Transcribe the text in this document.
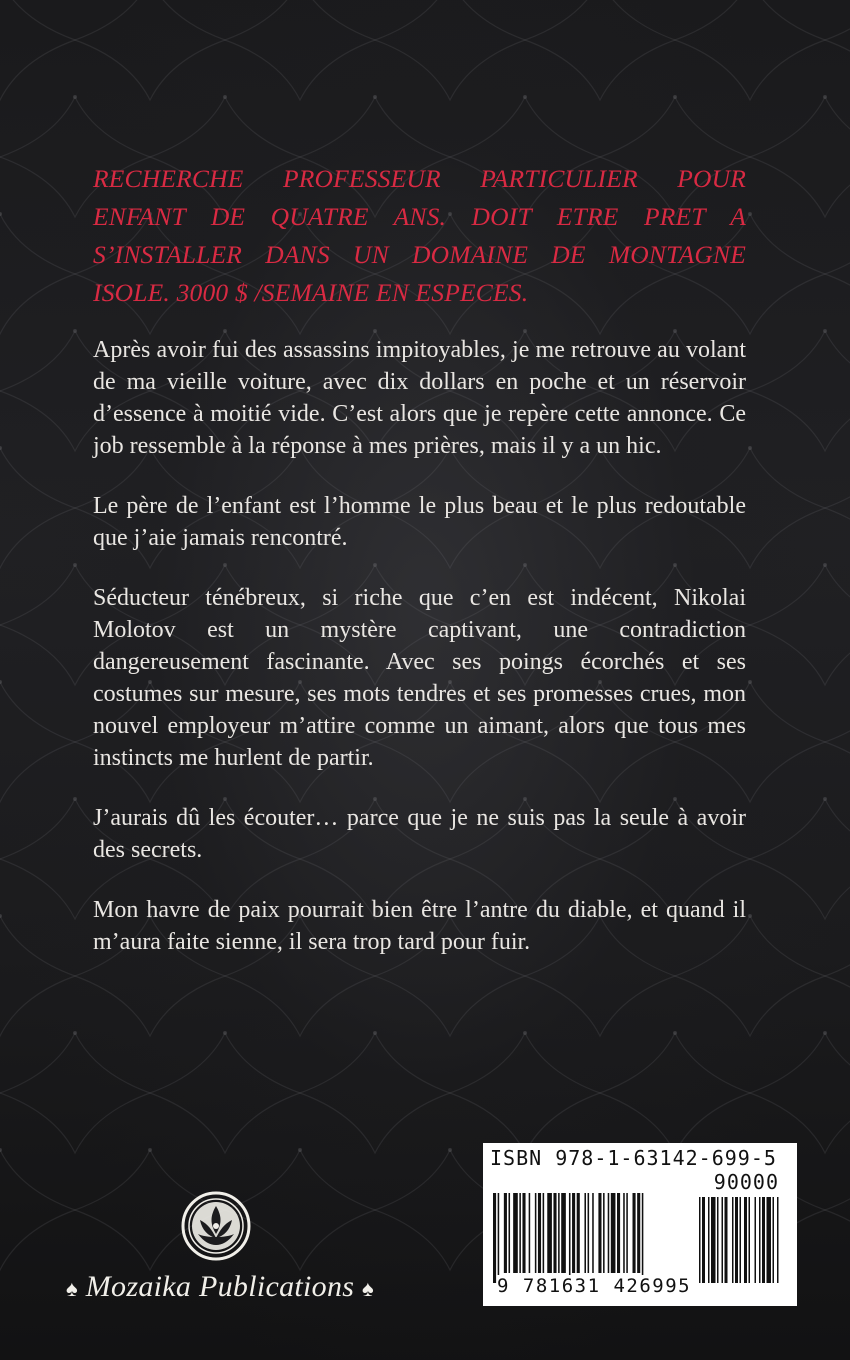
RECHERCHE PROFESSEUR PARTICULIER POUR ENFANT DE QUATRE ANS. DOIT ETRE PRET A S’INSTALLER DANS UN DOMAINE DE MONTAGNE ISOLE. 3000 $ /SEMAINE EN ESPECES.

Après avoir fui des assassins impitoyables, je me retrouve au volant de ma vieille voiture, avec dix dollars en poche et un réservoir d’essence à moitié vide. C’est alors que je repère cette annonce. Ce job ressemble à la réponse à mes prières, mais il y a un hic.

Le père de l’enfant est l’homme le plus beau et le plus redoutable que j’aie jamais rencontré.

Séducteur ténébreux, si riche que c’en est indécent, Nikolai Molotov est un mystère captivant, une contradiction dangereusement fascinante. Avec ses poings écorchés et ses costumes sur mesure, ses mots tendres et ses promesses crues, mon nouvel employeur m’attire comme un aimant, alors que tous mes instincts me hurlent de partir.

J’aurais dû les écouter… parce que je ne suis pas la seule à avoir des secrets.

Mon havre de paix pourrait bien être l’antre du diable, et quand il m’aura faite sienne, il sera trop tard pour fuir.

♠ Mozaika Publications ♠
ISBN 978-1-63142-699-5
90000
9 781631 426995
